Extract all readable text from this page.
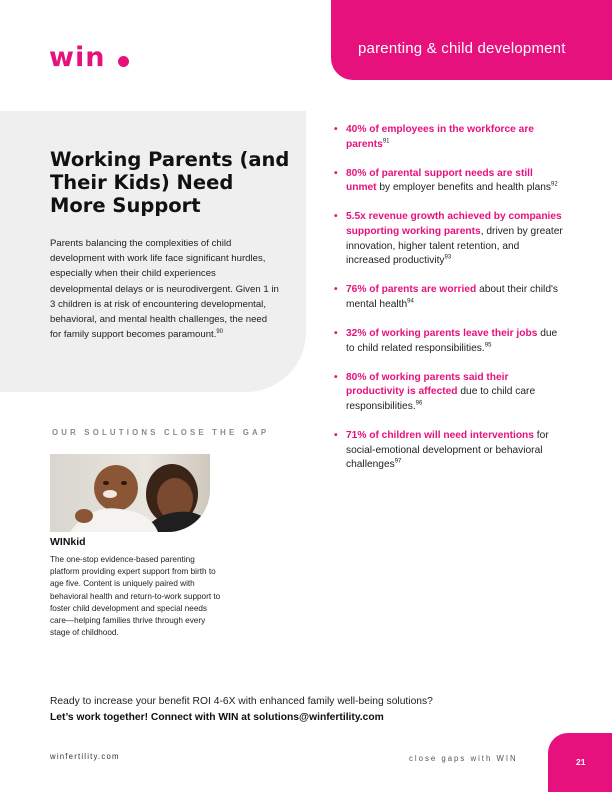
parenting & child development
win
Working Parents (and Their Kids) Need More Support

Parents balancing the complexities of child development with work life face significant hurdles, especially when their child experiences developmental delays or is neurodivergent. Given 1 in 3 children is at risk of encountering developmental, behavioral, and mental health challenges, the need for family support becomes paramount.$^{90}$

• 40% of employees in the workforce are parents$^{91}$
• 80% of parental support needs are still unmet by employer benefits and health plans$^{92}$
• 5.5x revenue growth achieved by companies supporting working parents, driven by greater innovation, higher talent retention, and increased productivity$^{93}$
• 76% of parents are worried about their child's mental health$^{94}$
• 32% of working parents leave their jobs due to child related responsibilities.$^{95}$
• 80% of working parents said their productivity is affected due to child care responsibilities.$^{96}$
• 71% of children will need interventions for social-emotional development or behavioral challenges$^{97}$
OUR SOLUTIONS CLOSE THE GAP
WINkid

The one-stop evidence-based parenting platform providing expert support from birth to age five. Content is uniquely paired with behavioral health and return-to-work support to foster child development and special needs care—helping families thrive through every stage of childhood.

Ready to increase your benefit ROI 4-6X with enhanced family well-being solutions?
Let’s work together! Connect with WIN at solutions@winfertility.com
winfertility.com	close gaps with WIN	21
